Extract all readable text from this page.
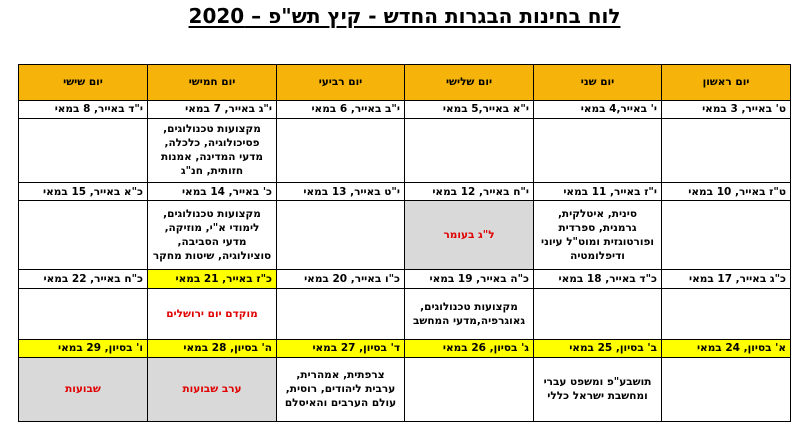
לוח בחינות הבגרות החדש - קיץ תש"פ – 2020
יום ראשון	יום שני	יום שלישי	יום רביעי	יום חמישי	יום שישי
ט' באייר, 3 במאי	י' באייר,4 במאי	י"א באייר,5 במאי	י"ב באייר, 6 במאי	י"ג באייר, 7 במאי	י"ד באייר, 8 במאי

				מקצועות טכנולוגים, פסיכולוגיה, כלכלה, מדעי המדינה, אמנות חזותית, חנ"ג	

ט"ז באייר, 10 במאי	י"ז באייר, 11 במאי	י"ח באייר, 12 במאי	י"ט באייר, 13 במאי	כ' באייר, 14 במאי	כ"א באייר, 15 במאי
	סינית, איטלקית, גרמנית, ספרדית ופורטוגזית ומוט"ל עיוני ודיפלומטיה	ל"ג בעומר		מקצועות טכנולוגים, לימודי א"י, מוזיקה, מדעי הסביבה, סוציולוגיה, שיטות מחקר	
כ"ג באייר, 17 במאי	כ"ד באייר, 18 במאי	כ"ה באייר, 19 במאי	כ"ו באייר, 20 במאי	כ"ז באייר, 21 במאי	כ"ח באייר, 22 במאי
		מקצועות טכנולוגים, גאוגרפיה,מדעי המחשב		מוקדם יום ירושלים	
א' בסיון, 24 במאי	ב' בסיון, 25 במאי	ג' בסיון, 26 במאי	ד' בסיון, 27 במאי	ה' בסיון, 28 במאי	ו' בסיון, 29 במאי
	תושבע"פ ומשפט עברי ומחשבת ישראל כללי		צרפתית, אמהרית, ערבית ליהודים, רוסית, עולם הערבים והאיסלם	ערב שבועות	שבועות
